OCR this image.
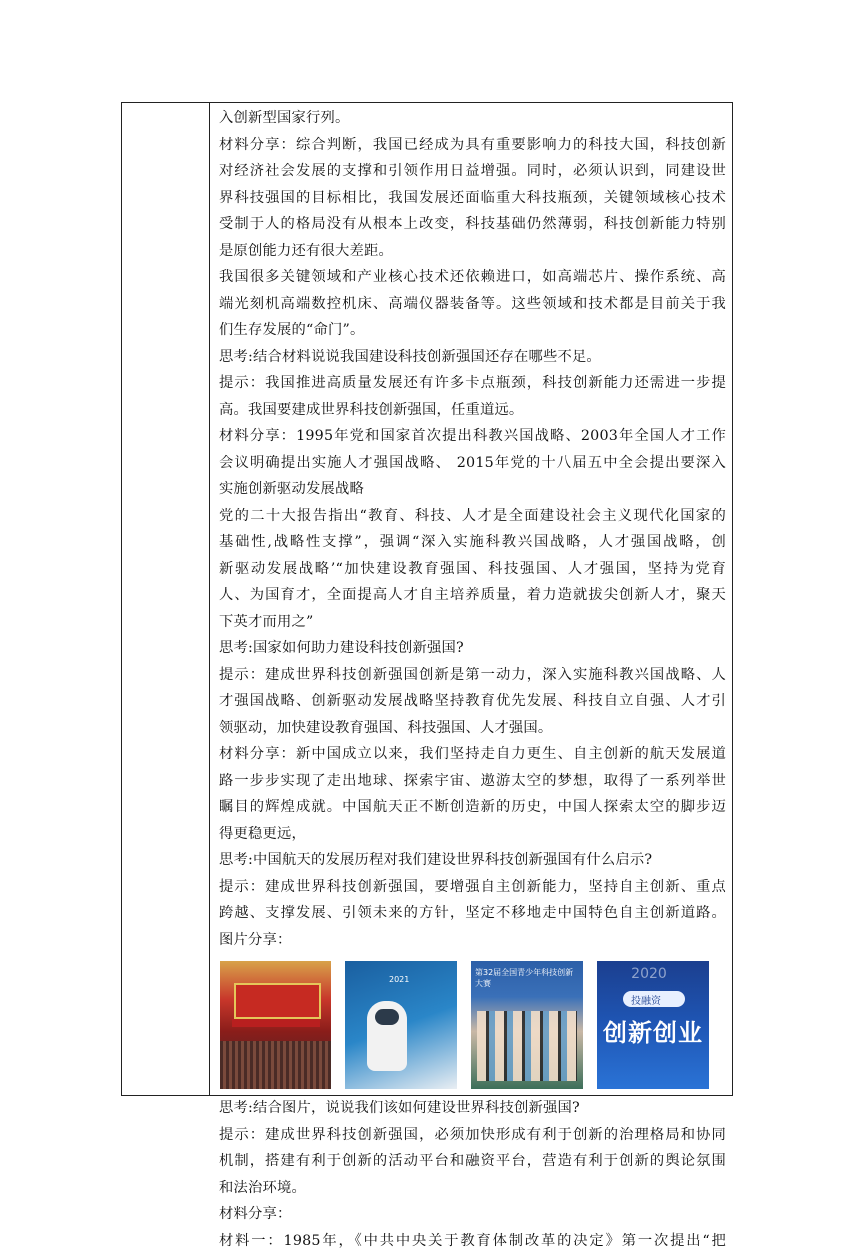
入创新型国家行列。
材料分享：综合判断，我国已经成为具有重要影响力的科技大国，科技创新
对经济社会发展的支撑和引领作用日益增强。同时，必须认识到，同建设世
界科技强国的目标相比，我国发展还面临重大科技瓶颈，关键领域核心技术
受制于人的格局没有从根本上改变，科技基础仍然薄弱，科技创新能力特别
是原创能力还有很大差距。
我国很多关键领域和产业核心技术还依赖进口，如高端芯片、操作系统、高
端光刻机高端数控机床、高端仪器装备等。这些领域和技术都是目前关于我
们生存发展的“命门”。
思考:结合材料说说我国建设科技创新强国还存在哪些不足。
提示：我国推进高质量发展还有许多卡点瓶颈，科技创新能力还需进一步提
高。我国要建成世界科技创新强国，任重道远。
材料分享：1995年党和国家首次提出科教兴国战略、2003年全国人才工作
会议明确提出实施人才强国战略、 2015年党的十八届五中全会提出要深入
实施创新驱动发展战略
党的二十大报告指出“教育、科技、人才是全面建设社会主义现代化国家的
基础性,战略性支撑”，强调“深入实施科教兴国战略，人才强国战略，创
新驱动发展战略’“加快建设教育强国、科技强国、人才强国，坚持为党育
人、为国育才，全面提高人才自主培养质量，着力造就拔尖创新人才，聚天
下英才而用之”
思考:国家如何助力建设科技创新强国?
提示：建成世界科技创新强国创新是第一动力，深入实施科教兴国战略、人
才强国战略、创新驱动发展战略坚持教育优先发展、科技自立自强、人才引
领驱动，加快建设教育强国、科技强国、人才强国。
材料分享：新中国成立以来，我们坚持走自力更生、自主创新的航天发展道
路一步步实现了走出地球、探索宇宙、遨游太空的梦想，取得了一系列举世
瞩目的辉煌成就。中国航天正不断创造新的历史，中国人探索太空的脚步迈
得更稳更远，
思考:中国航天的发展历程对我们建设世界科技创新强国有什么启示?
提示：建成世界科技创新强国，要增强自主创新能力，坚持自主创新、重点
跨越、支撑发展、引领未来的方针，坚定不移地走中国特色自主创新道路。
图片分享：
2021
第32届全国青少年科技创新大赛
2020
投融资
创新创业
思考:结合图片，说说我们该如何建设世界科技创新强国?
提示：建成世界科技创新强国，必须加快形成有利于创新的治理格局和协同
机制，搭建有利于创新的活动平台和融资平台，营造有利于创新的舆论氛围
和法治环境。
材料分享：
材料一：1985年，《中共中央关于教育体制改革的决定》第一次提出“把
